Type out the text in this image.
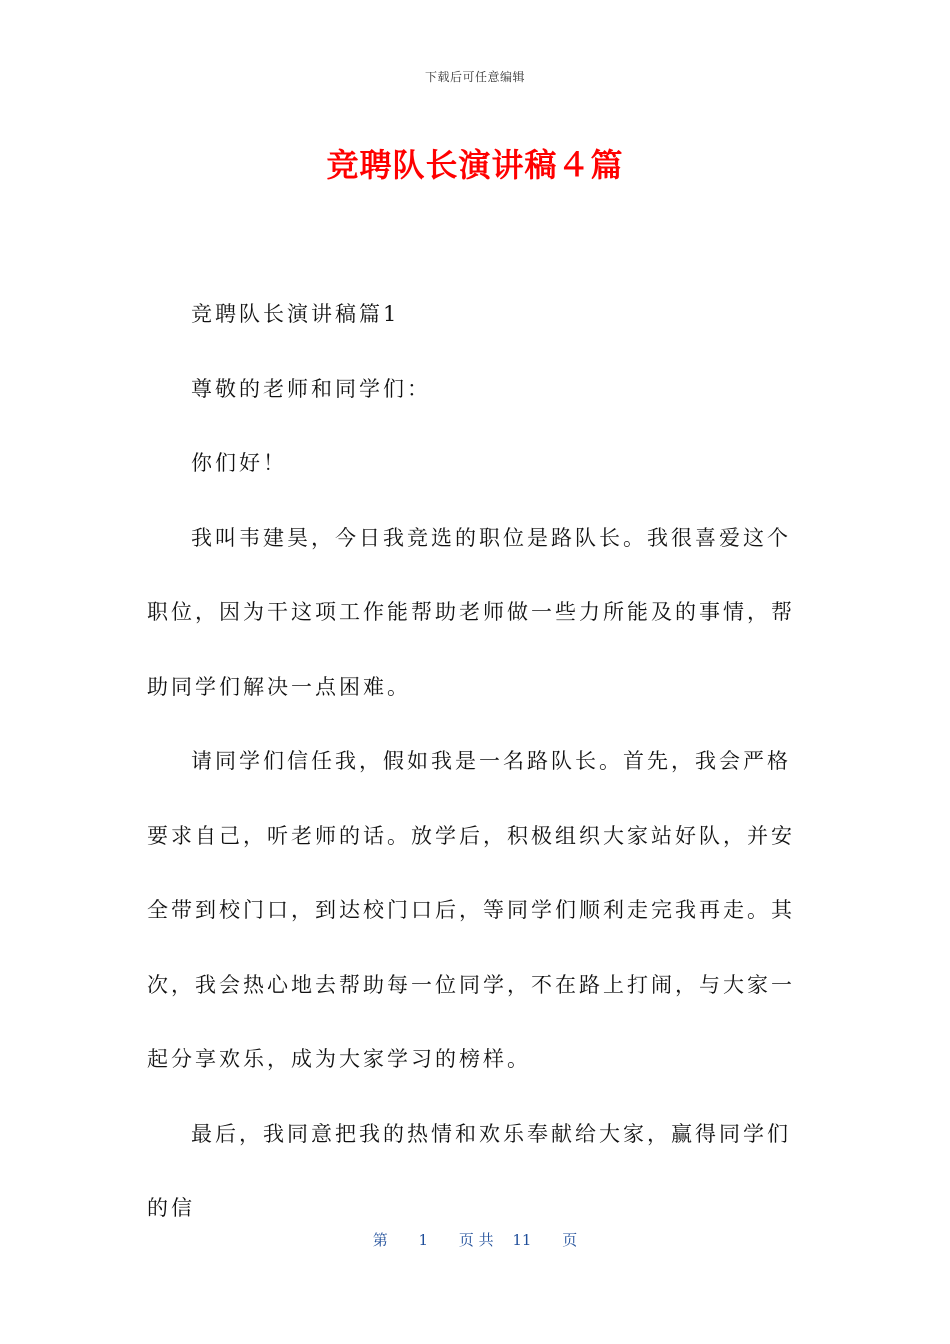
下载后可任意编辑
竞聘队长演讲稿４篇

竞聘队长演讲稿篇1

尊敬的老师和同学们：

你们好！

我叫韦建昊，今日我竞选的职位是路队长。我很喜爱这个职位，因为干这项工作能帮助老师做一些力所能及的事情，帮助同学们解决一点困难。

请同学们信任我，假如我是一名路队长。首先，我会严格要求自己，听老师的话。放学后，积极组织大家站好队，并安全带到校门口，到达校门口后，等同学们顺利走完我再走。其次，我会热心地去帮助每一位同学，不在路上打闹，与大家一起分享欢乐，成为大家学习的榜样。

最后，我同意把我的热情和欢乐奉献给大家，赢得同学们的信

第 1 页 共 11 页
